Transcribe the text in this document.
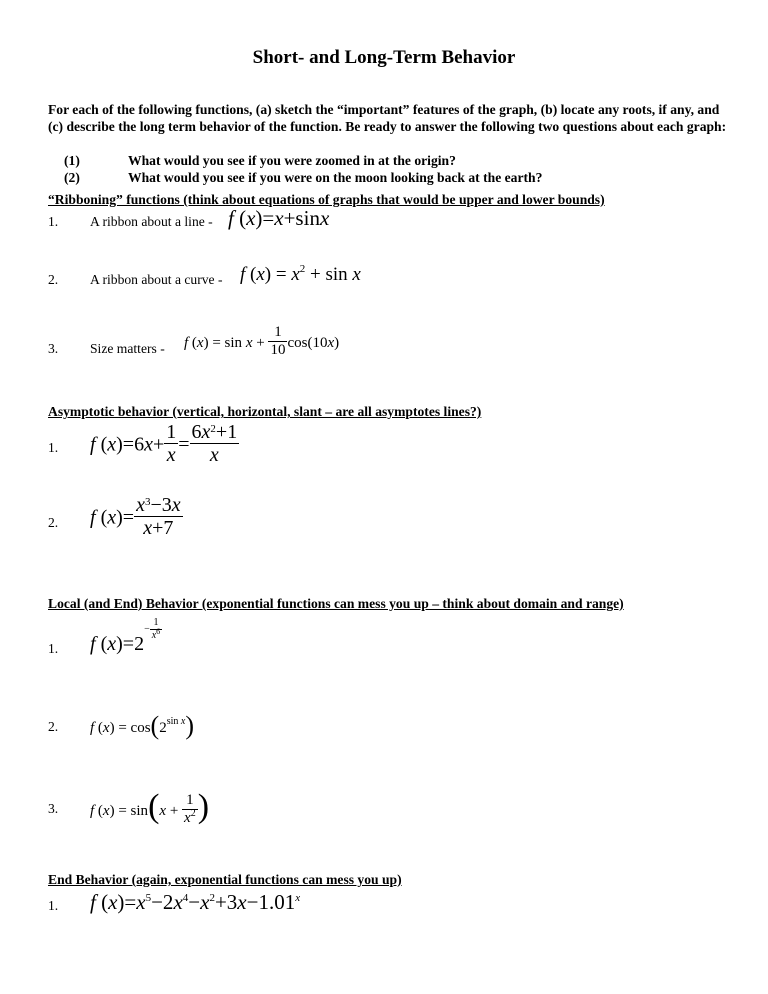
Short- and Long-Term Behavior
For each of the following functions, (a) sketch the “important” features of the graph, (b) locate any roots, if any, and (c) describe the long term behavior of the function. Be ready to answer the following two questions about each graph:
(1)	What would you see if you were zoomed in at the origin?
(2)	What would you see if you were on the moon looking back at the earth?
“Ribboning” functions (think about equations of graphs that would be upper and lower bounds)
1. A ribbon about a line - f (x)=x+sinx
2. A ribbon about a curve - f $(x) = x^2 + \sin x$
3. Size matters - f $(x) = \sin x + \frac{1}{10} \cos(10x)$
Asymptotic behavior (vertical, horizontal, slant – are all asymptotes lines?)
1. f $(x)=6x+ \frac{1}{x} = \frac{6x^2+1}{x}$
2. f $(x)= \frac{x^3-3x}{x+7}$
Local (and End) Behavior (exponential functions can mess you up – think about domain and range)
1. f $(x)=2- \frac{1}{x^6}$
2. f $(x) = \cos(2^{sin x})$
3. f $(x) = \sin(x + \frac{1}{x^2}$ )
End Behavior (again, exponential functions can mess you up)
1. f $(x)=x^5-2x^4-x^2+3x-1.01^x$
